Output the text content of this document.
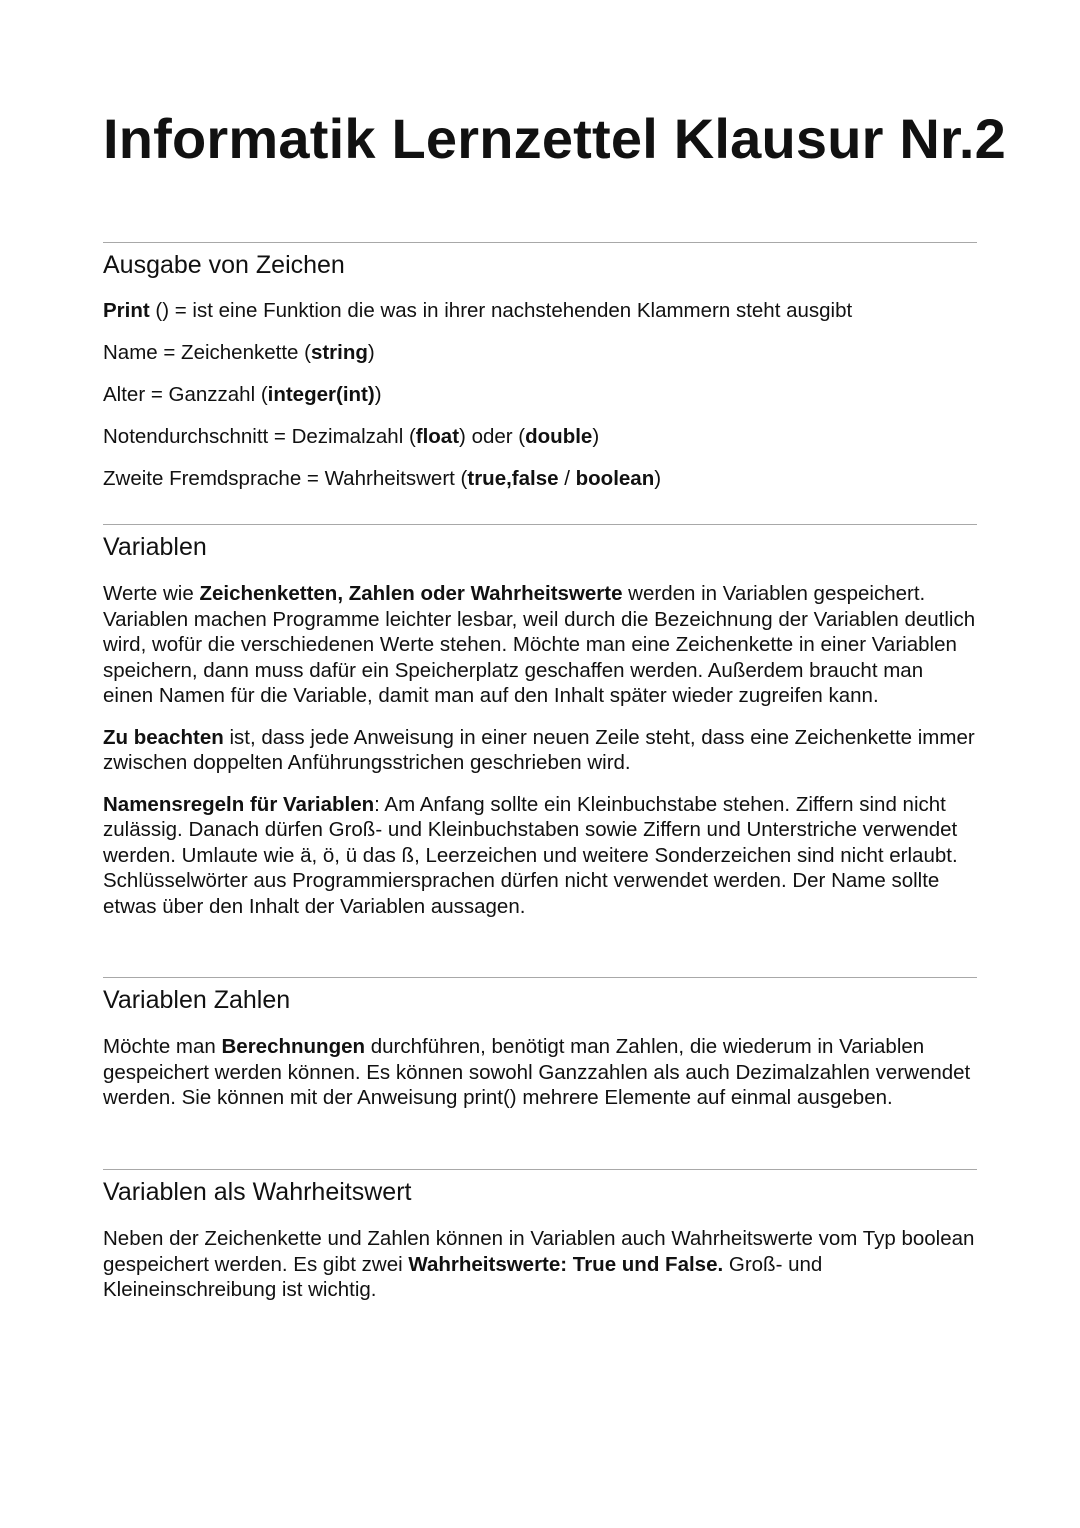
Informatik Lernzettel Klausur Nr.2
Ausgabe von Zeichen

Print () = ist eine Funktion die was in ihrer nachstehenden Klammern steht ausgibt

Name = Zeichenkette (string)

Alter = Ganzzahl (integer(int))

Notendurchschnitt = Dezimalzahl (float) oder (double)

Zweite Fremdsprache = Wahrheitswert (true,false / boolean)

Variablen

Werte wie Zeichenketten, Zahlen oder Wahrheitswerte werden in Variablen gespeichert. Variablen machen Programme leichter lesbar, weil durch die Bezeichnung der Variablen deutlich wird, wofür die verschiedenen Werte stehen. Möchte man eine Zeichenkette in einer Variablen speichern, dann muss dafür ein Speicherplatz geschaffen werden. Außerdem braucht man einen Namen für die Variable, damit man auf den Inhalt später wieder zugreifen kann.

Zu beachten ist, dass jede Anweisung in einer neuen Zeile steht, dass eine Zeichenkette immer zwischen doppelten Anführungsstrichen geschrieben wird.

Namensregeln für Variablen: Am Anfang sollte ein Kleinbuchstabe stehen. Ziffern sind nicht zulässig. Danach dürfen Groß- und Kleinbuchstaben sowie Ziffern und Unterstriche verwendet werden. Umlaute wie ä, ö, ü das ß, Leerzeichen und weitere Sonderzeichen sind nicht erlaubt. Schlüsselwörter aus Programmiersprachen dürfen nicht verwendet werden. Der Name sollte etwas über den Inhalt der Variablen aussagen.

Variablen Zahlen

Möchte man Berechnungen durchführen, benötigt man Zahlen, die wiederum in Variablen gespeichert werden können. Es können sowohl Ganzzahlen als auch Dezimalzahlen verwendet werden. Sie können mit der Anweisung print() mehrere Elemente auf einmal ausgeben.

Variablen als Wahrheitswert

Neben der Zeichenkette und Zahlen können in Variablen auch Wahrheitswerte vom Typ boolean gespeichert werden. Es gibt zwei Wahrheitswerte: True und False. Groß- und Kleineinschreibung ist wichtig.
